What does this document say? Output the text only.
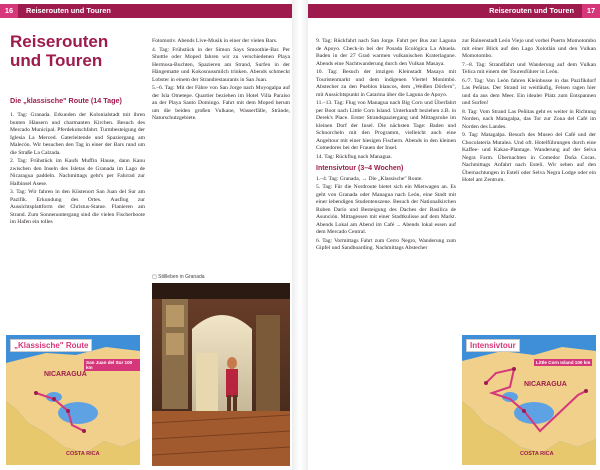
16	Reiserouten und Touren	Reiserouten und Touren	17
Reiserouten und Touren
Die „klassische" Route (14 Tage)

1. Tag: Granada. Erkunden der Kolonialstadt mit ihren bunten Häusern und charmanten Kirchen. Besuch des Mercado Municipal. Pferdekutschfahrt. Turmbesteigung der Iglesia La Merced. Gaterleitende und Spaziergang am Malecón. Wir besuchen den Tag in einer der Bars rund um die Straße La Calzada.

2. Tag: Frühstück im Kaufs Muffin Hause, dann Kanu zwischen den Inseln des Isletas de Granada im Lago de Nicaragua paddeln. Nachmittags geht's per Fahrrad zur Halbinsel Asese.

3. Tag: Wir fahren in den Küstenort San Juan del Sur am Pazifik. Erkundung des Ortes. Ausflug zur Aussichtsplattform der Christus-Statue. Flanieren am Strand. Zum Sonnenuntergang sind die vielen Fischerboote im Hafen ein tolles

„Klassische" Route
San Juan del Sur 100 km
NICARAGUA
COSTA RICA

Fotomotiv. Abends Live-Musik in einer der vielen Bars.

4. Tag: Frühstück in der Simon Says Smoothie-Bar. Per Shuttle oder Moped fahren wir zu verschiedenen Playa Hermosa-Buchten, Spazieren am Strand, Surfen in der Hängematte und Kokosnussmilch trinken. Abends schmeckt Lobster in einem der Strandrestaurants in San Juan.

5.–6. Tag: Mit der Fähre von San Jorge nach Moyogalpa auf der Isla Ometepe. Quartier beziehen im Hotel Villa Paraíso an der Playa Santo Domingo. Fahrt mit dem Moped herum um die beiden großen Vulkane, Wasserfälle, Strände, Naturschutzgebiete.

▢ Stillleben in Granada

9. Tag: Rückfahrt nach San Jorge. Fahrt per Bus zur Laguna de Apoyo. Check-in bei der Posada Ecológica La Abuela. Baden in der 27 Grad warmen vulkanischen Kraterlagune. Abends eine Nachtwanderung durch den Vulkan Masaya.

10. Tag: Besuch der imzigen Kleinstadt Masaya mit Touristenmarkt und dem indigenen Viertel Monimbó. Abstecher zu den Pueblos blancos, dem „Weißen Dörfern", mit Aussichtspunkt in Catarina über die Laguna de Apoyo.

11.–13. Tag: Flug von Managua nach Big Corn und Überfahrt per Boot nach Little Corn Island. Unterkunft beziehen z.B. in Derek's Place. Erster Strandspaziergang und Mittagsruhe im kleinen Dorf der Insel. Die nächsten Tage: Baden und Schnorcheln mit den Programm, vielleicht auch eine Angeltour mit einer hiesigen Fischern. Abends in den kleinen Comedores bei der Frauen der Insel.

14. Tag: Rückflug nach Managua.

Intensivtour (3–4 Wochen)

1.–4. Tag: Granada, → Die „Klassische" Route.

5. Tag: Für die Nordroute bietet sich ein Mietwagen an. Es geht von Granada oder Managua nach León, eine Stadt mit einer lebendigen Studentenszene. Besuch der Nationalkirchen Ruben Darío und Besteigung des Daches der Basilica de Asunción. Mittagessen mit einer Stadtkulisse auf dem Markt. Abends Lokal am Abend im Café ... Abends lokal essen auf dem Mercado Central.

6. Tag: Vormittags Fahrt zum Cerro Negro, Wanderung zum Gipfel und Sandboarding. Nachmittags Abstecher

zur Ruinenstadt León Viejo und vorbei Puerto Momotombo mit einer Blick auf den Lago Xolotlán und den Vulkan Momotombo.

7.–8. Tag: Strandfahrt und Wanderung auf dem Vulkan Telica mit einem der Tourenführer in León.

6./7. Tag: Von León fahren Kleinbusse in das Pazifikdorf Las Peñitas. Der Strand ist weitläufig, Felsen ragen hier und da aus dem Meer. Ein idealer Platz zum Entspannen und Surfen!

8. Tag: Vom Strand Las Peñitas geht es weiter in Richtung Norden, nach Matagalpa, das Tor zur Zona del Café im Norden des Landes.

9. Tag: Matagalpa. Besuch des Museo del Café und der Chocolatería Mutalea. Und oft. Hotelführungen durch eine Kaffee- und Kakao-Plantage. Wanderung auf der Selva Negra Farm. Übernachten in Comedor Doña Cocas. Nachmittags Anfahrt nach Estelí. Wir sehen auf den Übernachtungen in Estelí oder Selva Negra Lodge oder ein Hotel am Zentrum.

Intensivtour
Little Corn Island 100 km
NICARAGUA
COSTA RICA
